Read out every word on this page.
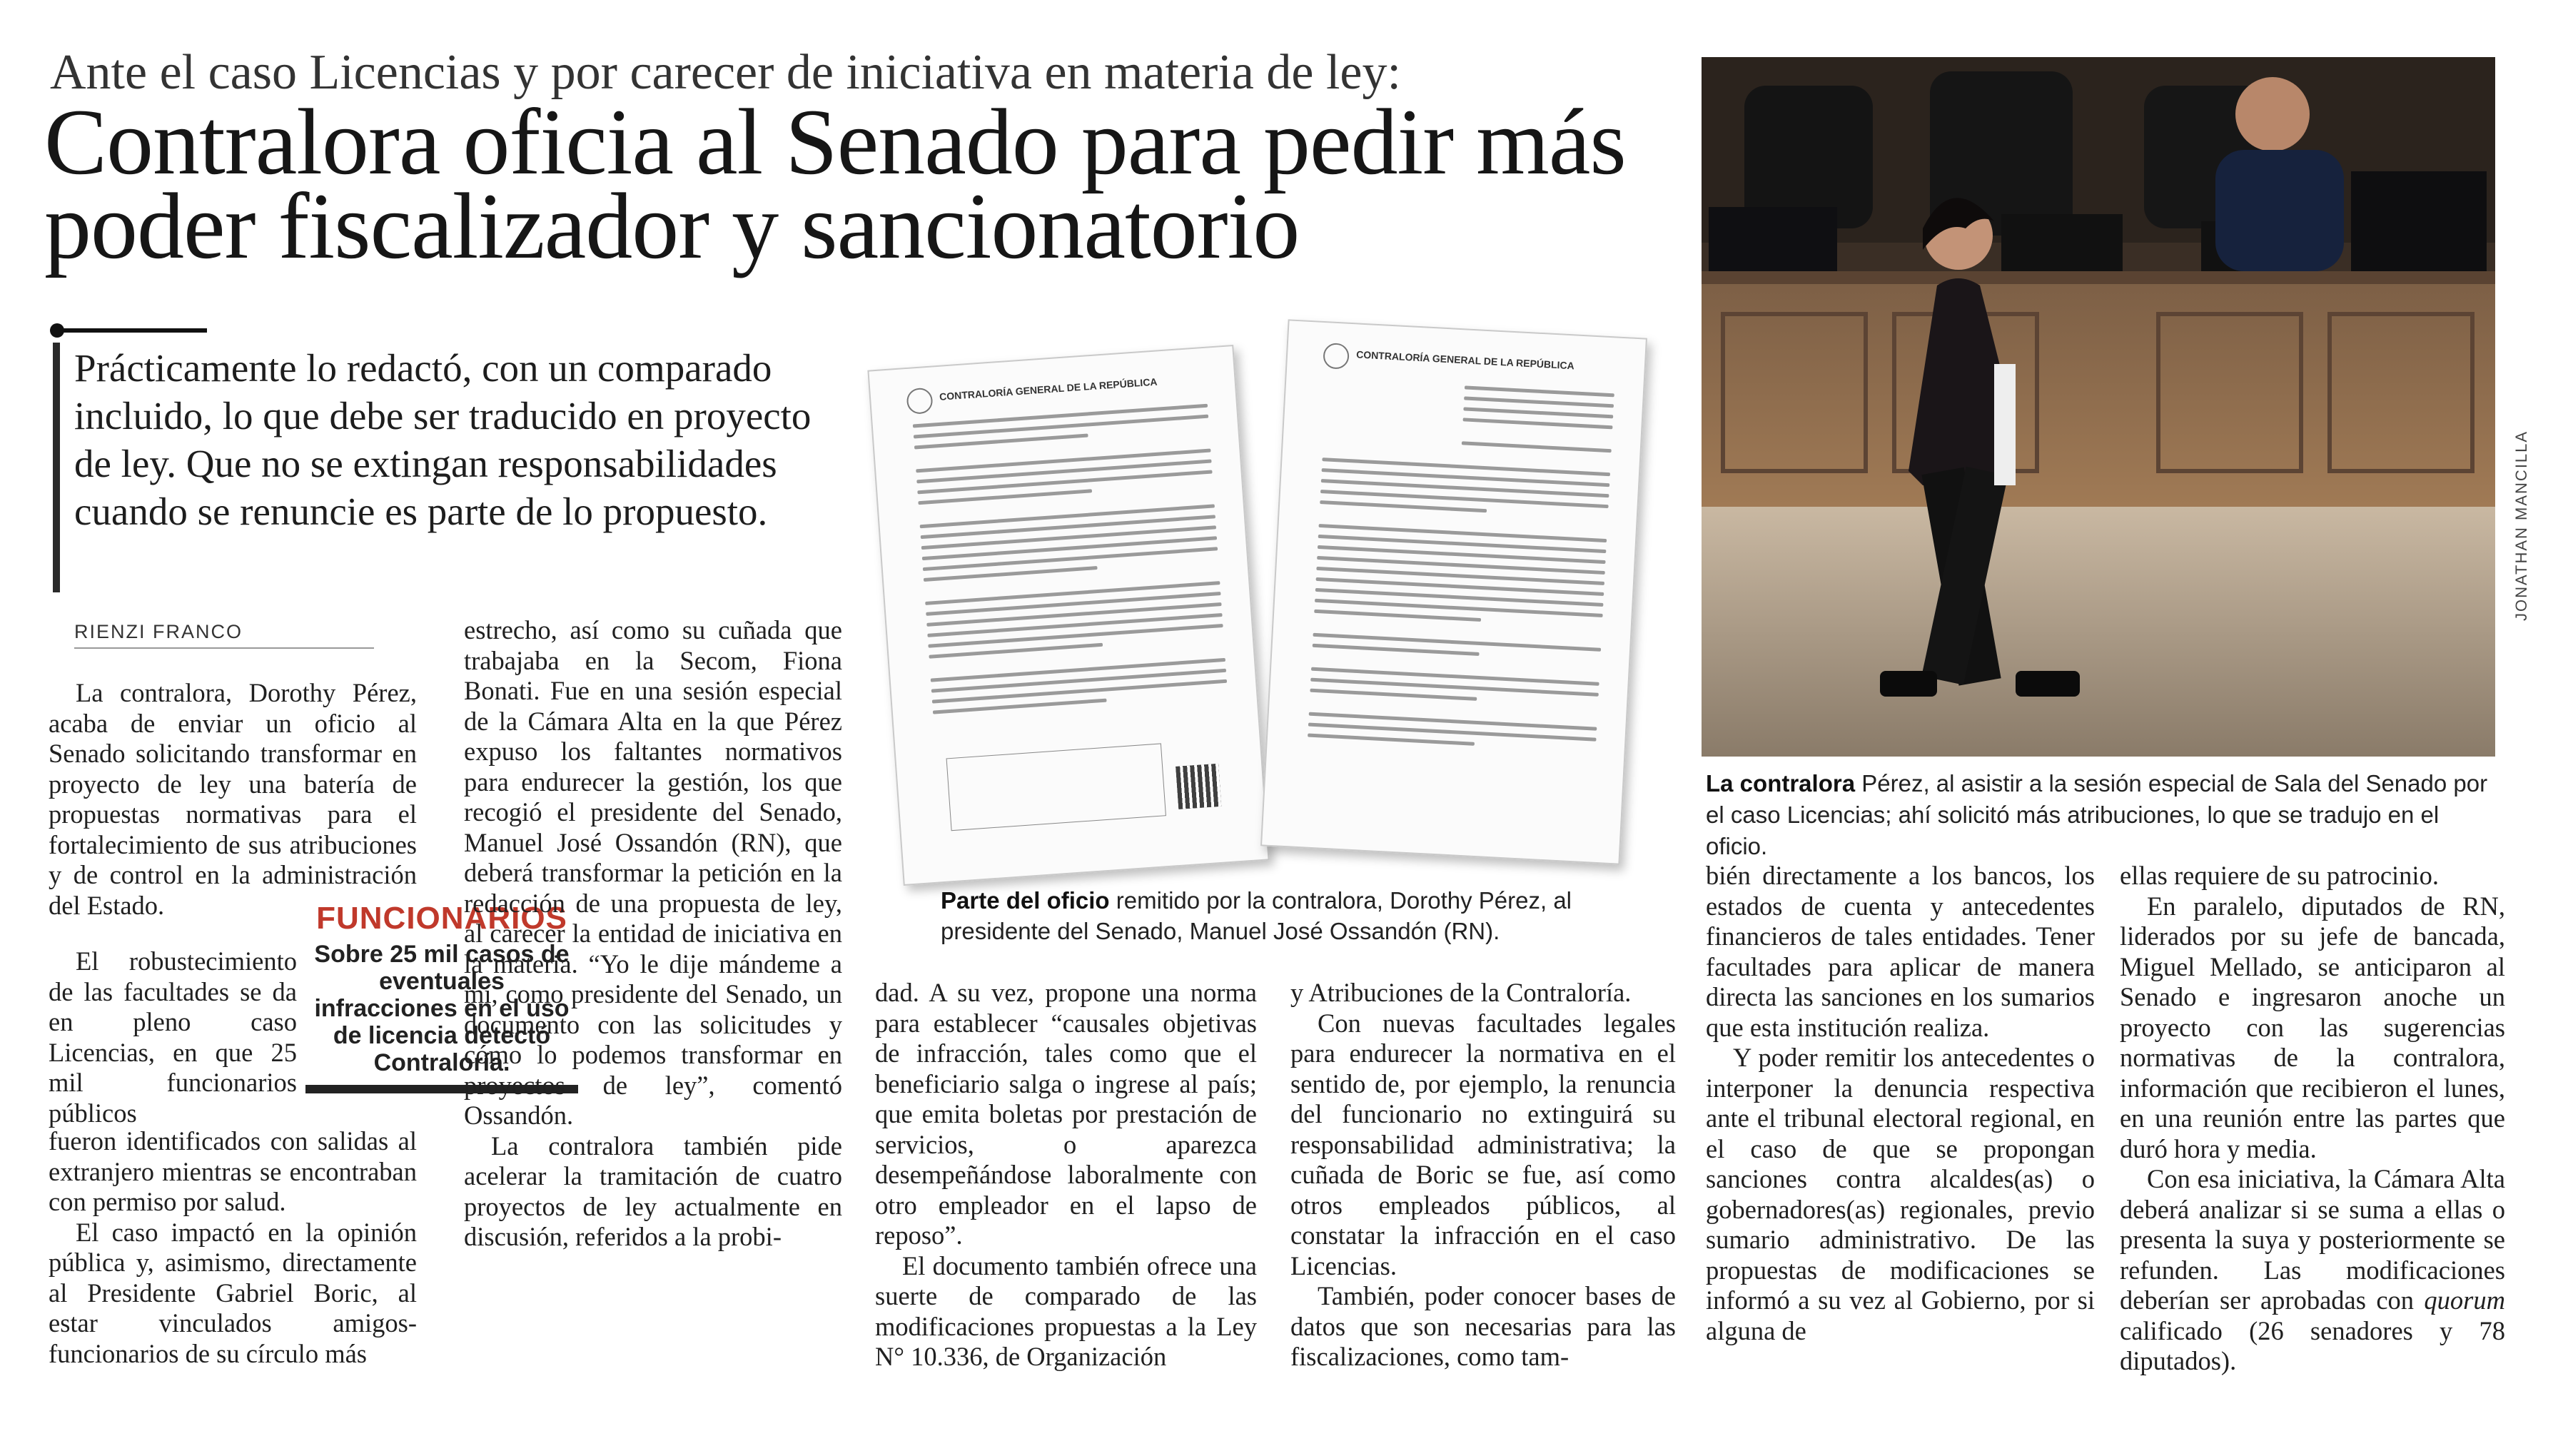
Ante el caso Licencias y por carecer de iniciativa en materia de ley:
Contralora oficia al Senado para pedir más poder fiscalizador y sancionatorio
Prácticamente lo redactó, con un comparado incluido, lo que debe ser traducido en proyecto de ley. Que no se extingan responsabilidades cuando se renuncie es parte de lo propuesto.
RIENZI FRANCO

La contralora, Dorothy Pérez, acaba de enviar un oficio al Senado solicitando transformar en proyecto de ley una batería de propuestas normativas para el fortalecimiento de sus atribuciones y de control en la administración del Estado.

El robustecimiento de las facultades se da en pleno caso Licencias, en que 25 mil funcionarios públicos

fueron identificados con salidas al extranjero mientras se encontraban con permiso por salud.

El caso impactó en la opinión pública y, asimismo, directamente al Presidente Gabriel Boric, al estar vinculados amigos-funcionarios de su círculo más

FUNCIONARIOS
Sobre 25 mil casos de eventuales infracciones en el uso de licencia detectó Contraloría.

estrecho, así como su cuñada que trabajaba en la Secom, Fiona Bonati. Fue en una sesión especial de la Cámara Alta en la que Pérez expuso los faltantes normativos para endurecer la gestión, los que recogió el presidente del Senado, Manuel José Ossandón (RN), que deberá transformar la petición en la redacción de una propuesta de ley, al carecer la entidad de iniciativa en la materia. “Yo le dije mándeme a mí, como presidente del Senado, un documento con las solicitudes y cómo lo podemos transformar en proyectos de ley”, comentó Ossandón.

La contralora también pide acelerar la tramitación de cuatro proyectos de ley actualmente en discusión, referidos a la probi-

dad. A su vez, propone una norma para establecer “causales objetivas de infracción, tales como que el beneficiario salga o ingrese al país; que emita boletas por prestación de servicios, o aparezca desempeñándose laboralmente con otro empleador en el lapso de reposo”.

El documento también ofrece una suerte de comparado de las modificaciones propuestas a la Ley N° 10.336, de Organización

y Atribuciones de la Contraloría.

Con nuevas facultades legales para endurecer la normativa en el sentido de, por ejemplo, la renuncia del funcionario no extinguirá su responsabilidad administrativa; la cuñada de Boric se fue, así como otros empleados públicos, al constatar la infracción en el caso Licencias.

También, poder conocer bases de datos que son necesarias para las fiscalizaciones, como tam-

bién directamente a los bancos, los estados de cuenta y antecedentes financieros de tales entidades. Tener facultades para aplicar de manera directa las sanciones en los sumarios que esta institución realiza.

Y poder remitir los antecedentes o interponer la denuncia respectiva ante el tribunal electoral regional, en el caso de que se propongan sanciones contra alcaldes(as) o gobernadores(as) regionales, previo sumario administrativo. De las propuestas de modificaciones se informó a su vez al Gobierno, por si alguna de

ellas requiere de su patrocinio.

En paralelo, diputados de RN, liderados por su jefe de bancada, Miguel Mellado, se anticiparon al Senado e ingresaron anoche un proyecto con las sugerencias normativas de la contralora, información que recibieron el lunes, en una reunión entre las partes que duró hora y media.

Con esa iniciativa, la Cámara Alta deberá analizar si se suma a ellas o presenta la suya y posteriormente se refunden. Las modificaciones deberían ser aprobadas con quorum calificado (26 senadores y 78 diputados).

CONTRALORÍA GENERAL DE LA REPÚBLICA
CONTRALORÍA GENERAL DE LA REPÚBLICA
Parte del oficio remitido por la contralora, Dorothy Pérez, al presidente del Senado, Manuel José Ossandón (RN).
JONATHAN MANCILLA
La contralora Pérez, al asistir a la sesión especial de Sala del Senado por el caso Licencias; ahí solicitó más atribuciones, lo que se tradujo en el oficio.
